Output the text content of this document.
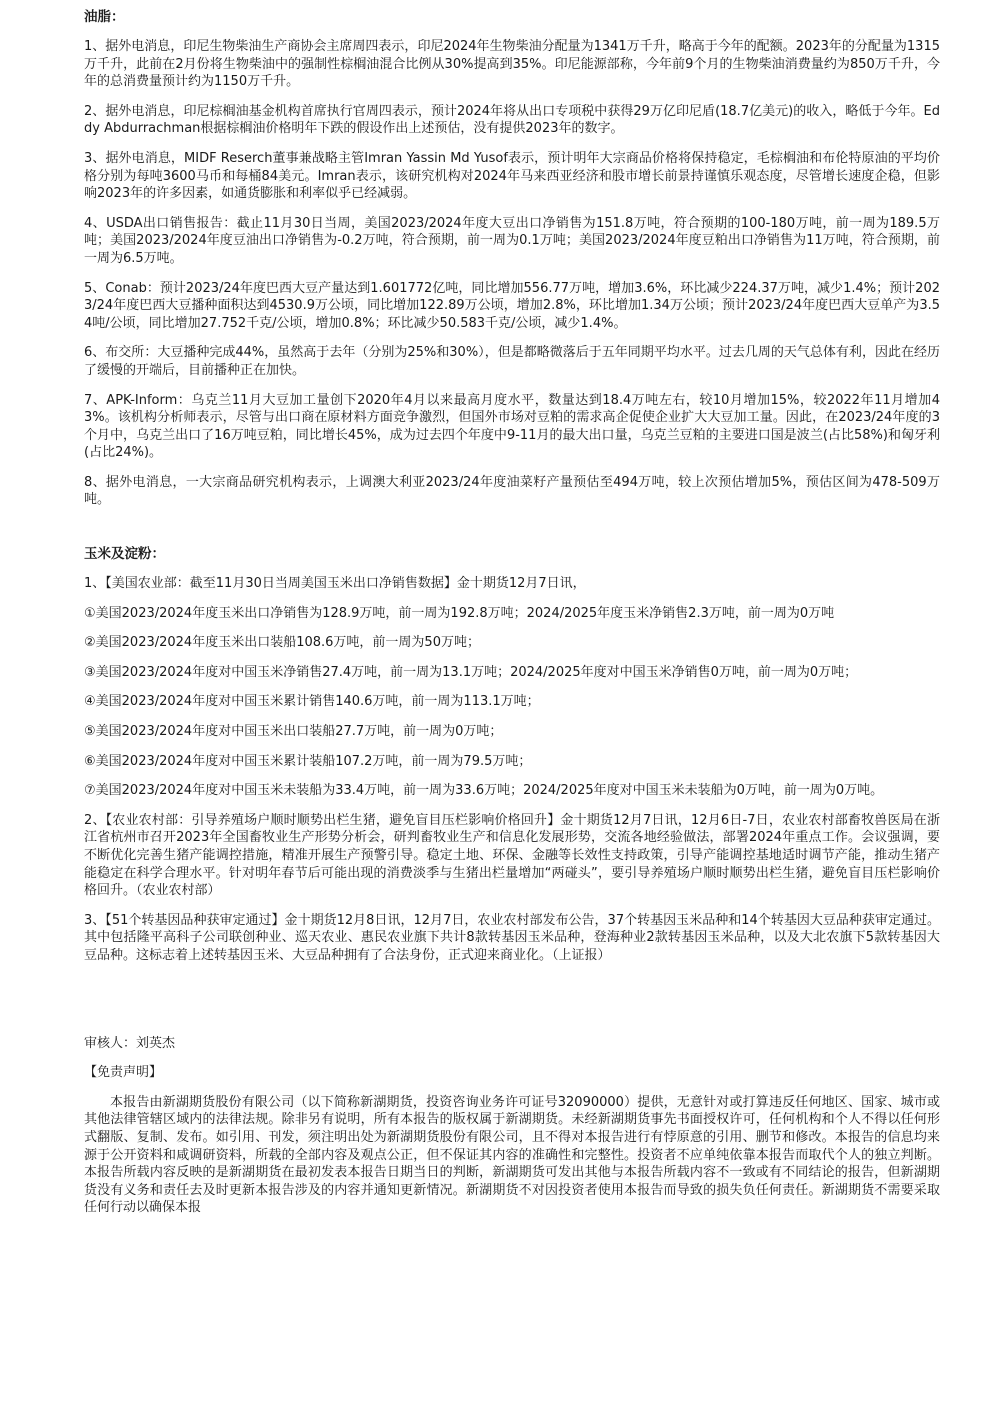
油脂：

1、据外电消息，印尼生物柴油生产商协会主席周四表示，印尼2024年生物柴油分配量为1341万千升，略高于今年的配额。2023年的分配量为1315万千升，此前在2月份将生物柴油中的强制性棕榈油混合比例从30%提高到35%。印尼能源部称，今年前9个月的生物柴油消费量约为850万千升，今年的总消费量预计约为1150万千升。

2、据外电消息，印尼棕榈油基金机构首席执行官周四表示，预计2024年将从出口专项税中获得29万亿印尼盾(18.7亿美元)的收入，略低于今年。Eddy Abdurrachman根据棕榈油价格明年下跌的假设作出上述预估，没有提供2023年的数字。

3、据外电消息，MIDF Reserch董事兼战略主管Imran Yassin Md Yusof表示，预计明年大宗商品价格将保持稳定，毛棕榈油和布伦特原油的平均价格分别为每吨3600马币和每桶84美元。Imran表示，该研究机构对2024年马来西亚经济和股市增长前景持谨慎乐观态度，尽管增长速度企稳，但影响2023年的许多因素，如通货膨胀和利率似乎已经减弱。

4、USDA出口销售报告：截止11月30日当周，美国2023/2024年度大豆出口净销售为151.8万吨，符合预期的100-180万吨，前一周为189.5万吨；美国2023/2024年度豆油出口净销售为-0.2万吨，符合预期，前一周为0.1万吨；美国2023/2024年度豆粕出口净销售为11万吨，符合预期，前一周为6.5万吨。

5、Conab：预计2023/24年度巴西大豆产量达到1.601772亿吨，同比增加556.77万吨，增加3.6%，环比减少224.37万吨，减少1.4%；预计2023/24年度巴西大豆播种面积达到4530.9万公顷，同比增加122.89万公顷，增加2.8%，环比增加1.34万公顷；预计2023/24年度巴西大豆单产为3.54吨/公顷，同比增加27.752千克/公顷，增加0.8%；环比减少50.583千克/公顷，减少1.4%。

6、布交所：大豆播种完成44%，虽然高于去年（分别为25%和30%），但是都略微落后于五年同期平均水平。过去几周的天气总体有利，因此在经历了缓慢的开端后，目前播种正在加快。

7、APK-Inform：乌克兰11月大豆加工量创下2020年4月以来最高月度水平，数量达到18.4万吨左右，较10月增加15%，较2022年11月增加43%。该机构分析师表示，尽管与出口商在原材料方面竞争激烈，但国外市场对豆粕的需求高企促使企业扩大大豆加工量。因此，在2023/24年度的3个月中，乌克兰出口了16万吨豆粕，同比增长45%，成为过去四个年度中9-11月的最大出口量，乌克兰豆粕的主要进口国是波兰(占比58%)和匈牙利(占比24%)。

8、据外电消息，一大宗商品研究机构表示，上调澳大利亚2023/24年度油菜籽产量预估至494万吨，较上次预估增加5%，预估区间为478-509万吨。

玉米及淀粉：

1、【美国农业部：截至11月30日当周美国玉米出口净销售数据】金十期货12月7日讯，

①美国2023/2024年度玉米出口净销售为128.9万吨，前一周为192.8万吨；2024/2025年度玉米净销售2.3万吨，前一周为0万吨

②美国2023/2024年度玉米出口装船108.6万吨，前一周为50万吨；

③美国2023/2024年度对中国玉米净销售27.4万吨，前一周为13.1万吨；2024/2025年度对中国玉米净销售0万吨，前一周为0万吨；

④美国2023/2024年度对中国玉米累计销售140.6万吨，前一周为113.1万吨；

⑤美国2023/2024年度对中国玉米出口装船27.7万吨，前一周为0万吨；

⑥美国2023/2024年度对中国玉米累计装船107.2万吨，前一周为79.5万吨；

⑦美国2023/2024年度对中国玉米未装船为33.4万吨，前一周为33.6万吨；2024/2025年度对中国玉米未装船为0万吨，前一周为0万吨。

2、【农业农村部：引导养殖场户顺时顺势出栏生猪，避免盲目压栏影响价格回升】金十期货12月7日讯，12月6日-7日，农业农村部畜牧兽医局在浙江省杭州市召开2023年全国畜牧业生产形势分析会，研判畜牧业生产和信息化发展形势，交流各地经验做法，部署2024年重点工作。会议强调，要不断优化完善生猪产能调控措施，精准开展生产预警引导。稳定土地、环保、金融等长效性支持政策，引导产能调控基地适时调节产能，推动生猪产能稳定在科学合理水平。针对明年春节后可能出现的消费淡季与生猪出栏量增加“两碰头”，要引导养殖场户顺时顺势出栏生猪，避免盲目压栏影响价格回升。（农业农村部）

3、【51个转基因品种获审定通过】金十期货12月8日讯，12月7日，农业农村部发布公告，37个转基因玉米品种和14个转基因大豆品种获审定通过。其中包括隆平高科子公司联创种业、巡天农业、惠民农业旗下共计8款转基因玉米品种，登海种业2款转基因玉米品种，以及大北农旗下5款转基因大豆品种。这标志着上述转基因玉米、大豆品种拥有了合法身份，正式迎来商业化。（上证报）

审核人：刘英杰

【免责声明】

本报告由新湖期货股份有限公司（以下简称新湖期货，投资咨询业务许可证号32090000）提供，无意针对或打算违反任何地区、国家、城市或其他法律管辖区域内的法律法规。除非另有说明，所有本报告的版权属于新湖期货。未经新湖期货事先书面授权许可，任何机构和个人不得以任何形式翻版、复制、发布。如引用、刊发，须注明出处为新湖期货股份有限公司，且不得对本报告进行有悖原意的引用、删节和修改。本报告的信息均来源于公开资料和咸调研资料，所载的全部内容及观点公正，但不保证其内容的准确性和完整性。投资者不应单纯依靠本报告而取代个人的独立判断。本报告所载内容反映的是新湖期货在最初发表本报告日期当日的判断，新湖期货可发出其他与本报告所载内容不一致或有不同结论的报告，但新湖期货没有义务和责任去及时更新本报告涉及的内容并通知更新情况。新湖期货不对因投资者使用本报告而导致的损失负任何责任。新湖期货不需要采取任何行动以确保本报
